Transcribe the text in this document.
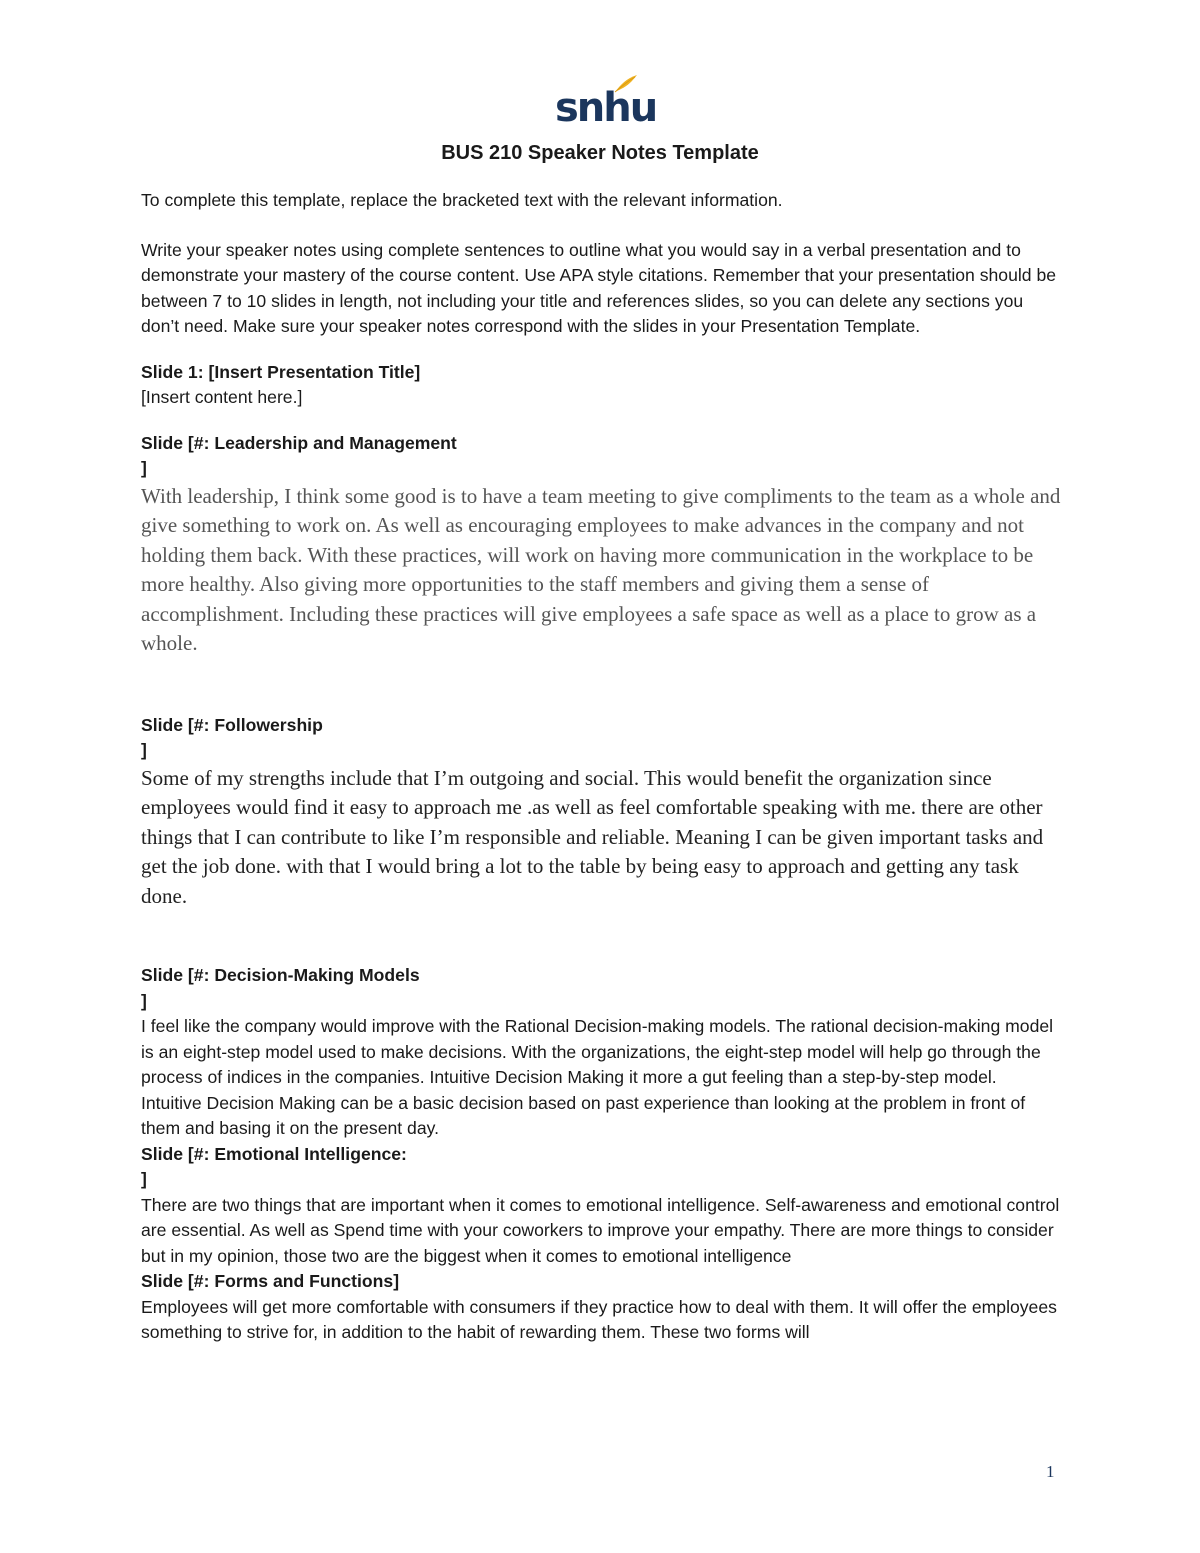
snhu
BUS 210 Speaker Notes Template

To complete this template, replace the bracketed text with the relevant information.

Write your speaker notes using complete sentences to outline what you would say in a verbal presentation and to demonstrate your mastery of the course content. Use APA style citations. Remember that your presentation should be between 7 to 10 slides in length, not including your title and references slides, so you can delete any sections you don’t need. Make sure your speaker notes correspond with the slides in your Presentation Template.

Slide 1: [Insert Presentation Title]

[Insert content here.]

Slide [#: Leadership and Management

]

With leadership, I think some good is to have a team meeting to give compliments to the team as a whole and give something to work on. As well as encouraging employees to make advances in the company and not holding them back. With these practices, will work on having more communication in the workplace to be more healthy. Also giving more opportunities to the staff members and giving them a sense of accomplishment. Including these practices will give employees a safe space as well as a place to grow as a whole.

Slide [#: Followership

]

Some of my strengths include that I’m outgoing and social. This would benefit the organization since employees would find it easy to approach me .as well as feel comfortable speaking with me. there are other things that I can contribute to like I’m responsible and reliable. Meaning I can be given important tasks and get the job done. with that I would bring a lot to the table by being easy to approach and getting any task done.

Slide [#: Decision-Making Models

]

I feel like the company would improve with the Rational Decision-making models. The rational decision-making model is an eight-step model used to make decisions. With the organizations, the eight-step model will help go through the process of indices in the companies. Intuitive Decision Making it more a gut feeling than a step-by-step model. Intuitive Decision Making can be a basic decision based on past experience than looking at the problem in front of them and basing it on the present day.

Slide [#: Emotional Intelligence:

]

There are two things that are important when it comes to emotional intelligence. Self-awareness and emotional control are essential. As well as Spend time with your coworkers to improve your empathy. There are more things to consider but in my opinion, those two are the biggest when it comes to emotional intelligence

Slide [#: Forms and Functions]

Employees will get more comfortable with consumers if they practice how to deal with them. It will offer the employees something to strive for, in addition to the habit of rewarding them. These two forms will

1
